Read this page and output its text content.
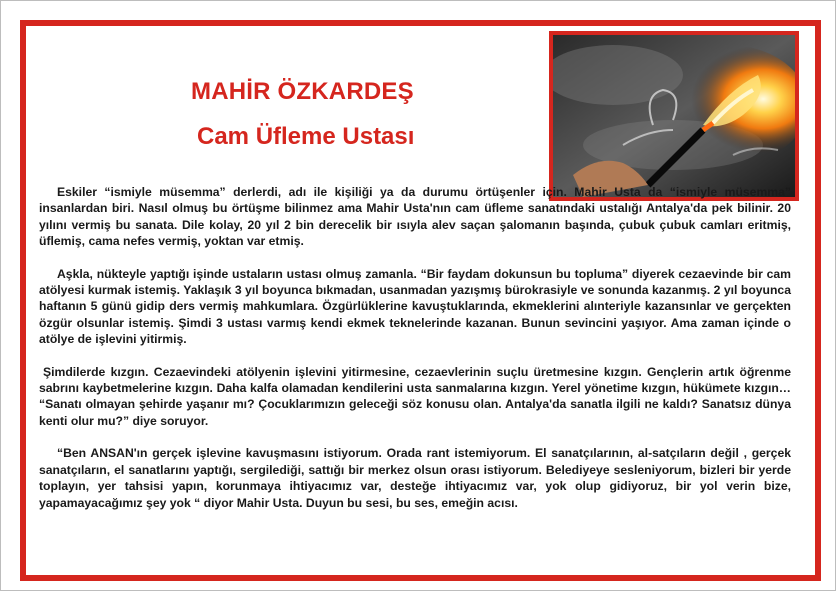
MAHİR ÖZKARDEŞ
Cam Üfleme Ustası

Eskiler “ismiyle müsemma” derlerdi, adı ile kişiliği ya da durumu örtüşenler için. Mahir Usta da “ismiyle müsemma” insanlardan biri. Nasıl olmuş bu örtüşme bilinmez ama Mahir Usta'nın cam üfleme sanatındaki ustalığı Antalya'da pek bilinir. 20 yılını vermiş bu sanata. Dile kolay, 20 yıl 2 bin derecelik bir ısıyla alev saçan şalomanın başında, çubuk çubuk camları eritmiş, üflemiş, cama nefes vermiş, yoktan var etmiş.

Aşkla, nükteyle yaptığı işinde ustaların ustası olmuş zamanla. “Bir faydam dokunsun bu topluma” diyerek cezaevinde bir cam atölyesi kurmak istemiş. Yaklaşık 3 yıl boyunca bıkmadan, usanmadan yazışmış bürokrasiyle ve sonunda kazanmış. 2 yıl boyunca haftanın 5 günü gidip ders vermiş mahkumlara. Özgürlüklerine kavuştuklarında, ekmeklerini alınteriyle kazansınlar ve gerçekten özgür olsunlar istemiş. Şimdi 3 ustası varmış kendi ekmek teknelerinde kazanan. Bunun sevincini yaşıyor. Ama zaman içinde o atölye de işlevini yitirmiş.

Şimdilerde kızgın. Cezaevindeki atölyenin işlevini yitirmesine, cezaevlerinin suçlu üretmesine kızgın. Gençlerin artık öğrenme sabrını kaybetmelerine kızgın. Daha kalfa olamadan kendilerini usta sanmalarına kızgın. Yerel yönetime kızgın, hükümete kızgın… “Sanatı olmayan şehirde yaşanır mı? Çocuklarımızın geleceği söz konusu olan. Antalya'da sanatla ilgili ne kaldı? Sanatsız dünya kenti olur mu?” diye soruyor.

“Ben ANSAN'ın gerçek işlevine kavuşmasını istiyorum. Orada rant istemiyorum. El sanatçılarının, al-satçıların değil , gerçek sanatçıların, el sanatlarını yaptığı, sergilediği, sattığı bir merkez olsun orası istiyorum. Belediyeye sesleniyorum, bizleri bir yerde toplayın, yer tahsisi yapın, korunmaya ihtiyacımız var, desteğe ihtiyacımız var, yok olup gidiyoruz, bir yol verin bize, yapamayacağımız şey yok “ diyor Mahir Usta. Duyun bu sesi, bu ses, emeğin acısı.
